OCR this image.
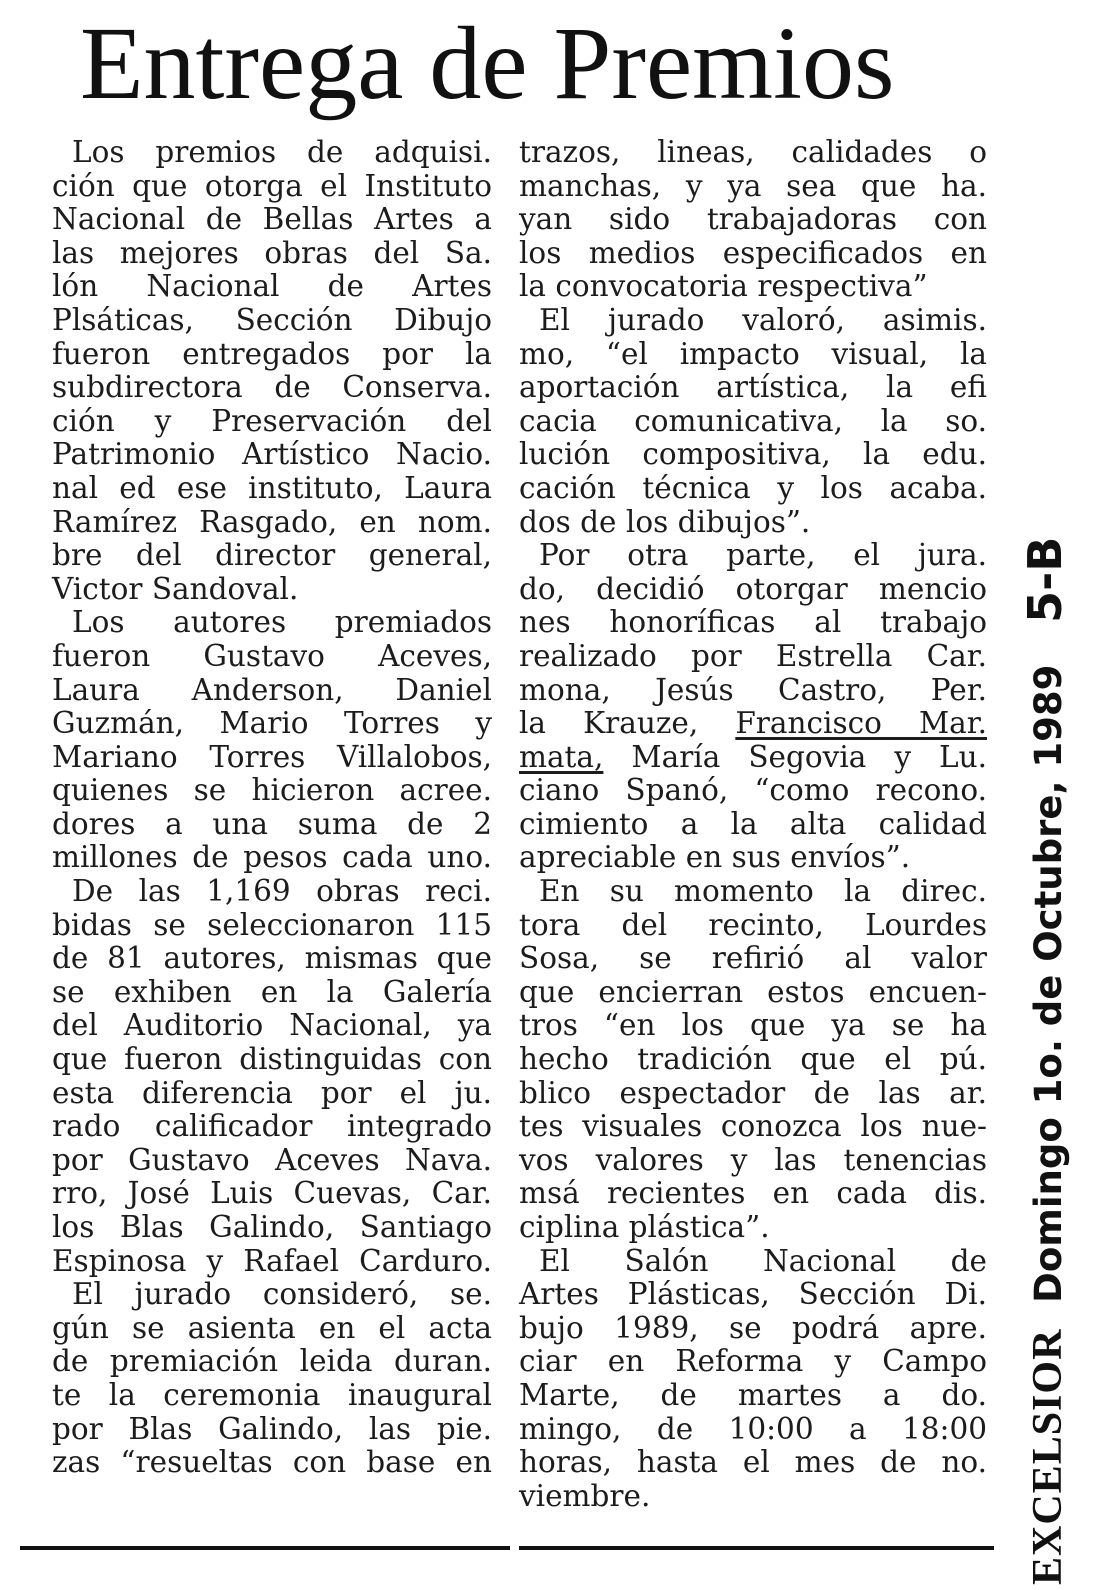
Entrega de Premios
Los premios de adquisi.
ción que otorga el Instituto
Nacional de Bellas Artes a
las mejores obras del Sa.
lón Nacional de Artes
Plsáticas, Sección Dibujo
fueron entregados por la
subdirectora de Conserva.
ción y Preservación del
Patrimonio Artístico Nacio.
nal ed ese instituto, Laura
Ramírez Rasgado, en nom.
bre del director general,
Victor Sandoval.
Los autores premiados
fueron Gustavo Aceves,
Laura Anderson, Daniel
Guzmán, Mario Torres y
Mariano Torres Villalobos,
quienes se hicieron acree.
dores a una suma de 2
millones de pesos cada uno.
De las 1,169 obras reci.
bidas se seleccionaron 115
de 81 autores, mismas que
se exhiben en la Galería
del Auditorio Nacional, ya
que fueron distinguidas con
esta diferencia por el ju.
rado calificador integrado
por Gustavo Aceves Nava.
rro, José Luis Cuevas, Car.
los Blas Galindo, Santiago
Espinosa y Rafael Carduro.
El jurado consideró, se.
gún se asienta en el acta
de premiación leida duran.
te la ceremonia inaugural
por Blas Galindo, las pie.
zas “resueltas con base en
trazos, lineas, calidades o
manchas, y ya sea que ha.
yan sido trabajadoras con
los medios especificados en
la convocatoria respectiva”
El jurado valoró, asimis.
mo, “el impacto visual, la
aportación artística, la efi
cacia comunicativa, la so.
lución compositiva, la edu.
cación técnica y los acaba.
dos de los dibujos”.
Por otra parte, el jura.
do, decidió otorgar mencio
nes honoríficas al trabajo
realizado por Estrella Car.
mona, Jesús Castro, Per.
la Krauze, Francisco Mar.
mata, María Segovia y Lu.
ciano Spanó, “como recono.
cimiento a la alta calidad
apreciable en sus envíos”.
En su momento la direc.
tora del recinto, Lourdes
Sosa, se refirió al valor
que encierran estos encuen-
tros “en los que ya se ha
hecho tradición que el pú.
blico espectador de las ar.
tes visuales conozca los nue-
vos valores y las tenencias
msá recientes en cada dis.
ciplina plástica”.
El Salón Nacional de
Artes Plásticas, Sección Di.
bujo 1989, se podrá apre.
ciar en Reforma y Campo
Marte, de martes a do.
mingo, de 10:00 a 18:00
horas, hasta el mes de no.
viembre.	EXCELSIOR Domingo 1o. de Octubre, 1989 5-B
